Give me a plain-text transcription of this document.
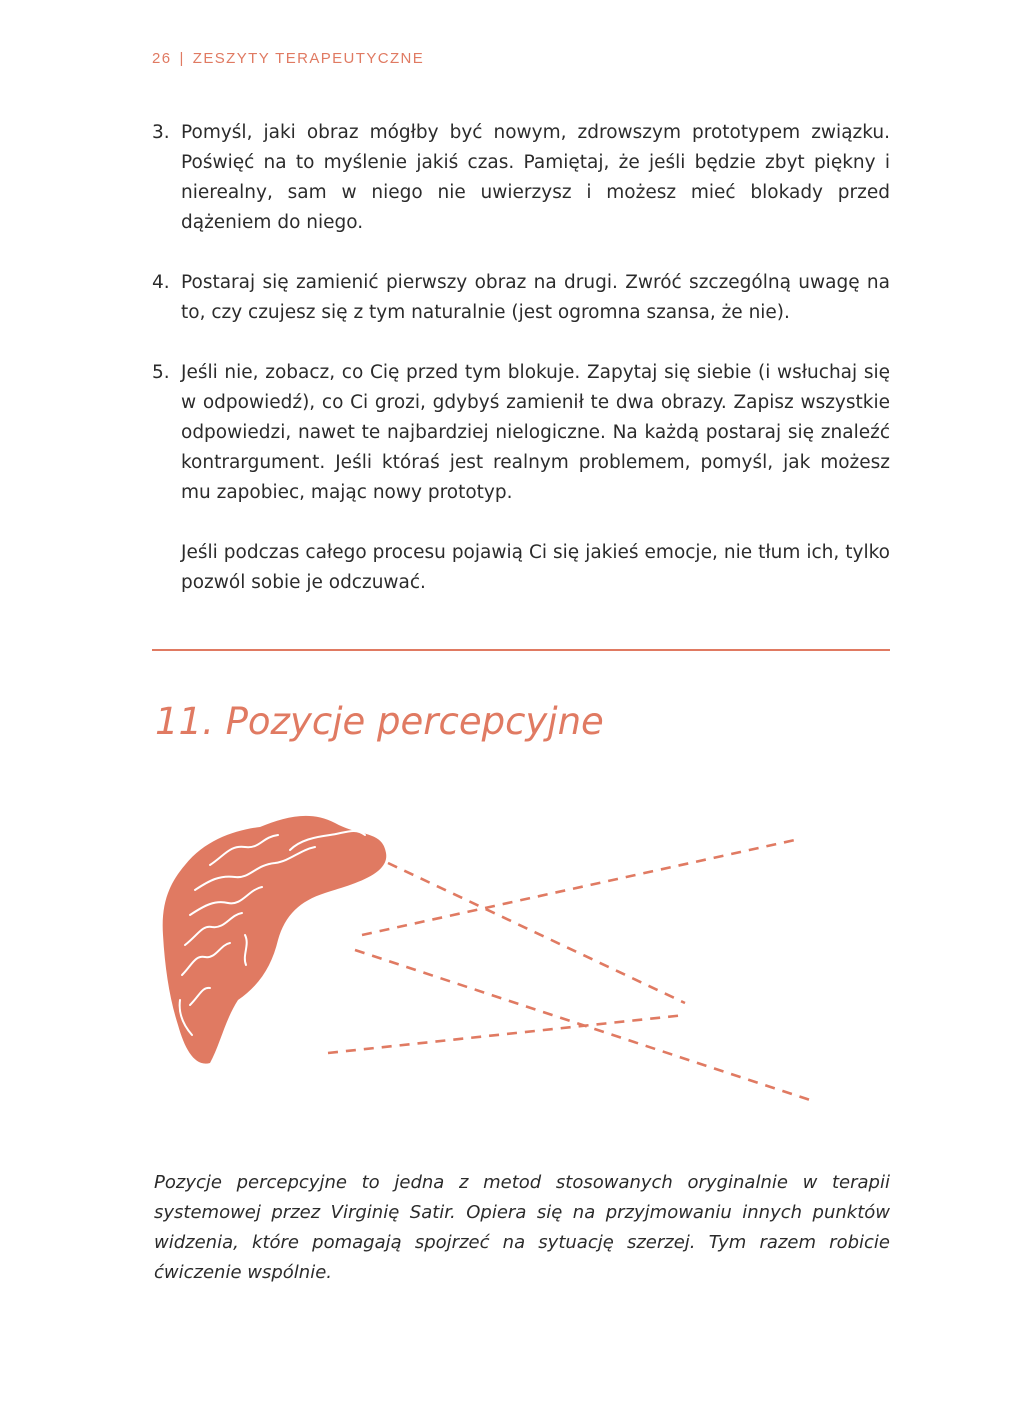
26 | ZESZYTY TERAPEUTYCZNE
3. Pomyśl, jaki obraz mógłby być nowym, zdrowszym prototypem związku. Poświęć na to myślenie jakiś czas. Pamiętaj, że jeśli będzie zbyt piękny i nierealny, sam w niego nie uwierzysz i możesz mieć blokady przed dążeniem do niego.
4. Postaraj się zamienić pierwszy obraz na drugi. Zwróć szczególną uwagę na to, czy czujesz się z tym naturalnie (jest ogromna szansa, że nie).
5. Jeśli nie, zobacz, co Cię przed tym blokuje. Zapytaj się siebie (i wsłuchaj się w odpowiedź), co Ci grozi, gdybyś zamienił te dwa obrazy. Zapisz wszystkie odpowiedzi, nawet te najbardziej nielogiczne. Na każdą postaraj się znaleźć kontrargument. Jeśli któraś jest realnym problemem, pomyśl, jak możesz mu zapobiec, mając nowy prototyp.

Jeśli podczas całego procesu pojawią Ci się jakieś emocje, nie tłum ich, tylko pozwól sobie je odczuwać.

11. Pozycje percepcyjne
Pozycje percepcyjne to jedna z metod stosowanych oryginalnie w terapii systemowej przez Virginię Satir. Opiera się na przyjmowaniu innych punktów widzenia, które pomagają spojrzeć na sytuację szerzej. Tym razem robicie ćwiczenie wspólnie.
